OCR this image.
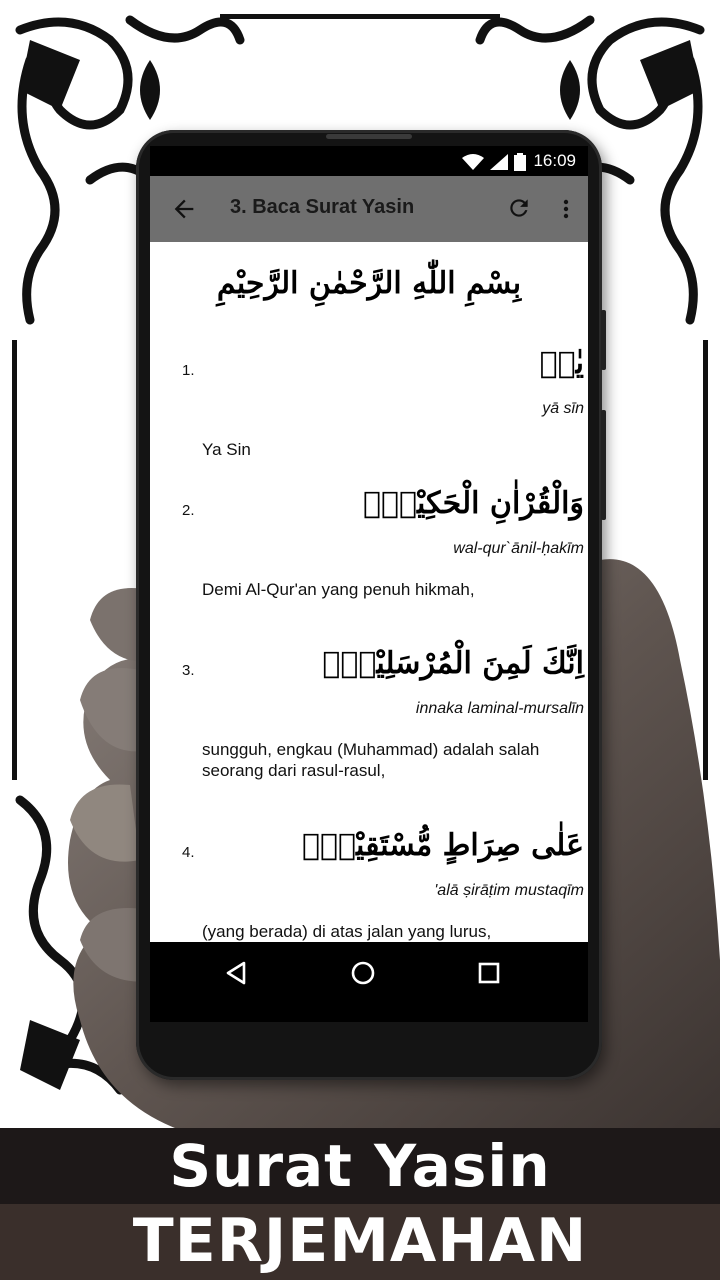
16:09
3. Baca Surat Yasin
بِسْمِ اللّٰهِ الرَّحْمٰنِ الرَّحِيْمِ
1.	يٰسۤ
yā sīn
Ya Sin
2.	وَالْقُرْاٰنِ الْحَكِيْمِۙ
wal-qur`ānil-ḥakīm
Demi Al-Qur'an yang penuh hikmah,
3.	اِنَّكَ لَمِنَ الْمُرْسَلِيْنَۙ
innaka laminal-mursalīn
sungguh, engkau (Muhammad) adalah salah seorang dari rasul-rasul,
4.	عَلٰى صِرَاطٍ مُّسْتَقِيْمٍۗ
'alā ṣirāṭim mustaqīm
(yang berada) di atas jalan yang lurus,
Surat Yasin
TERJEMAHAN
